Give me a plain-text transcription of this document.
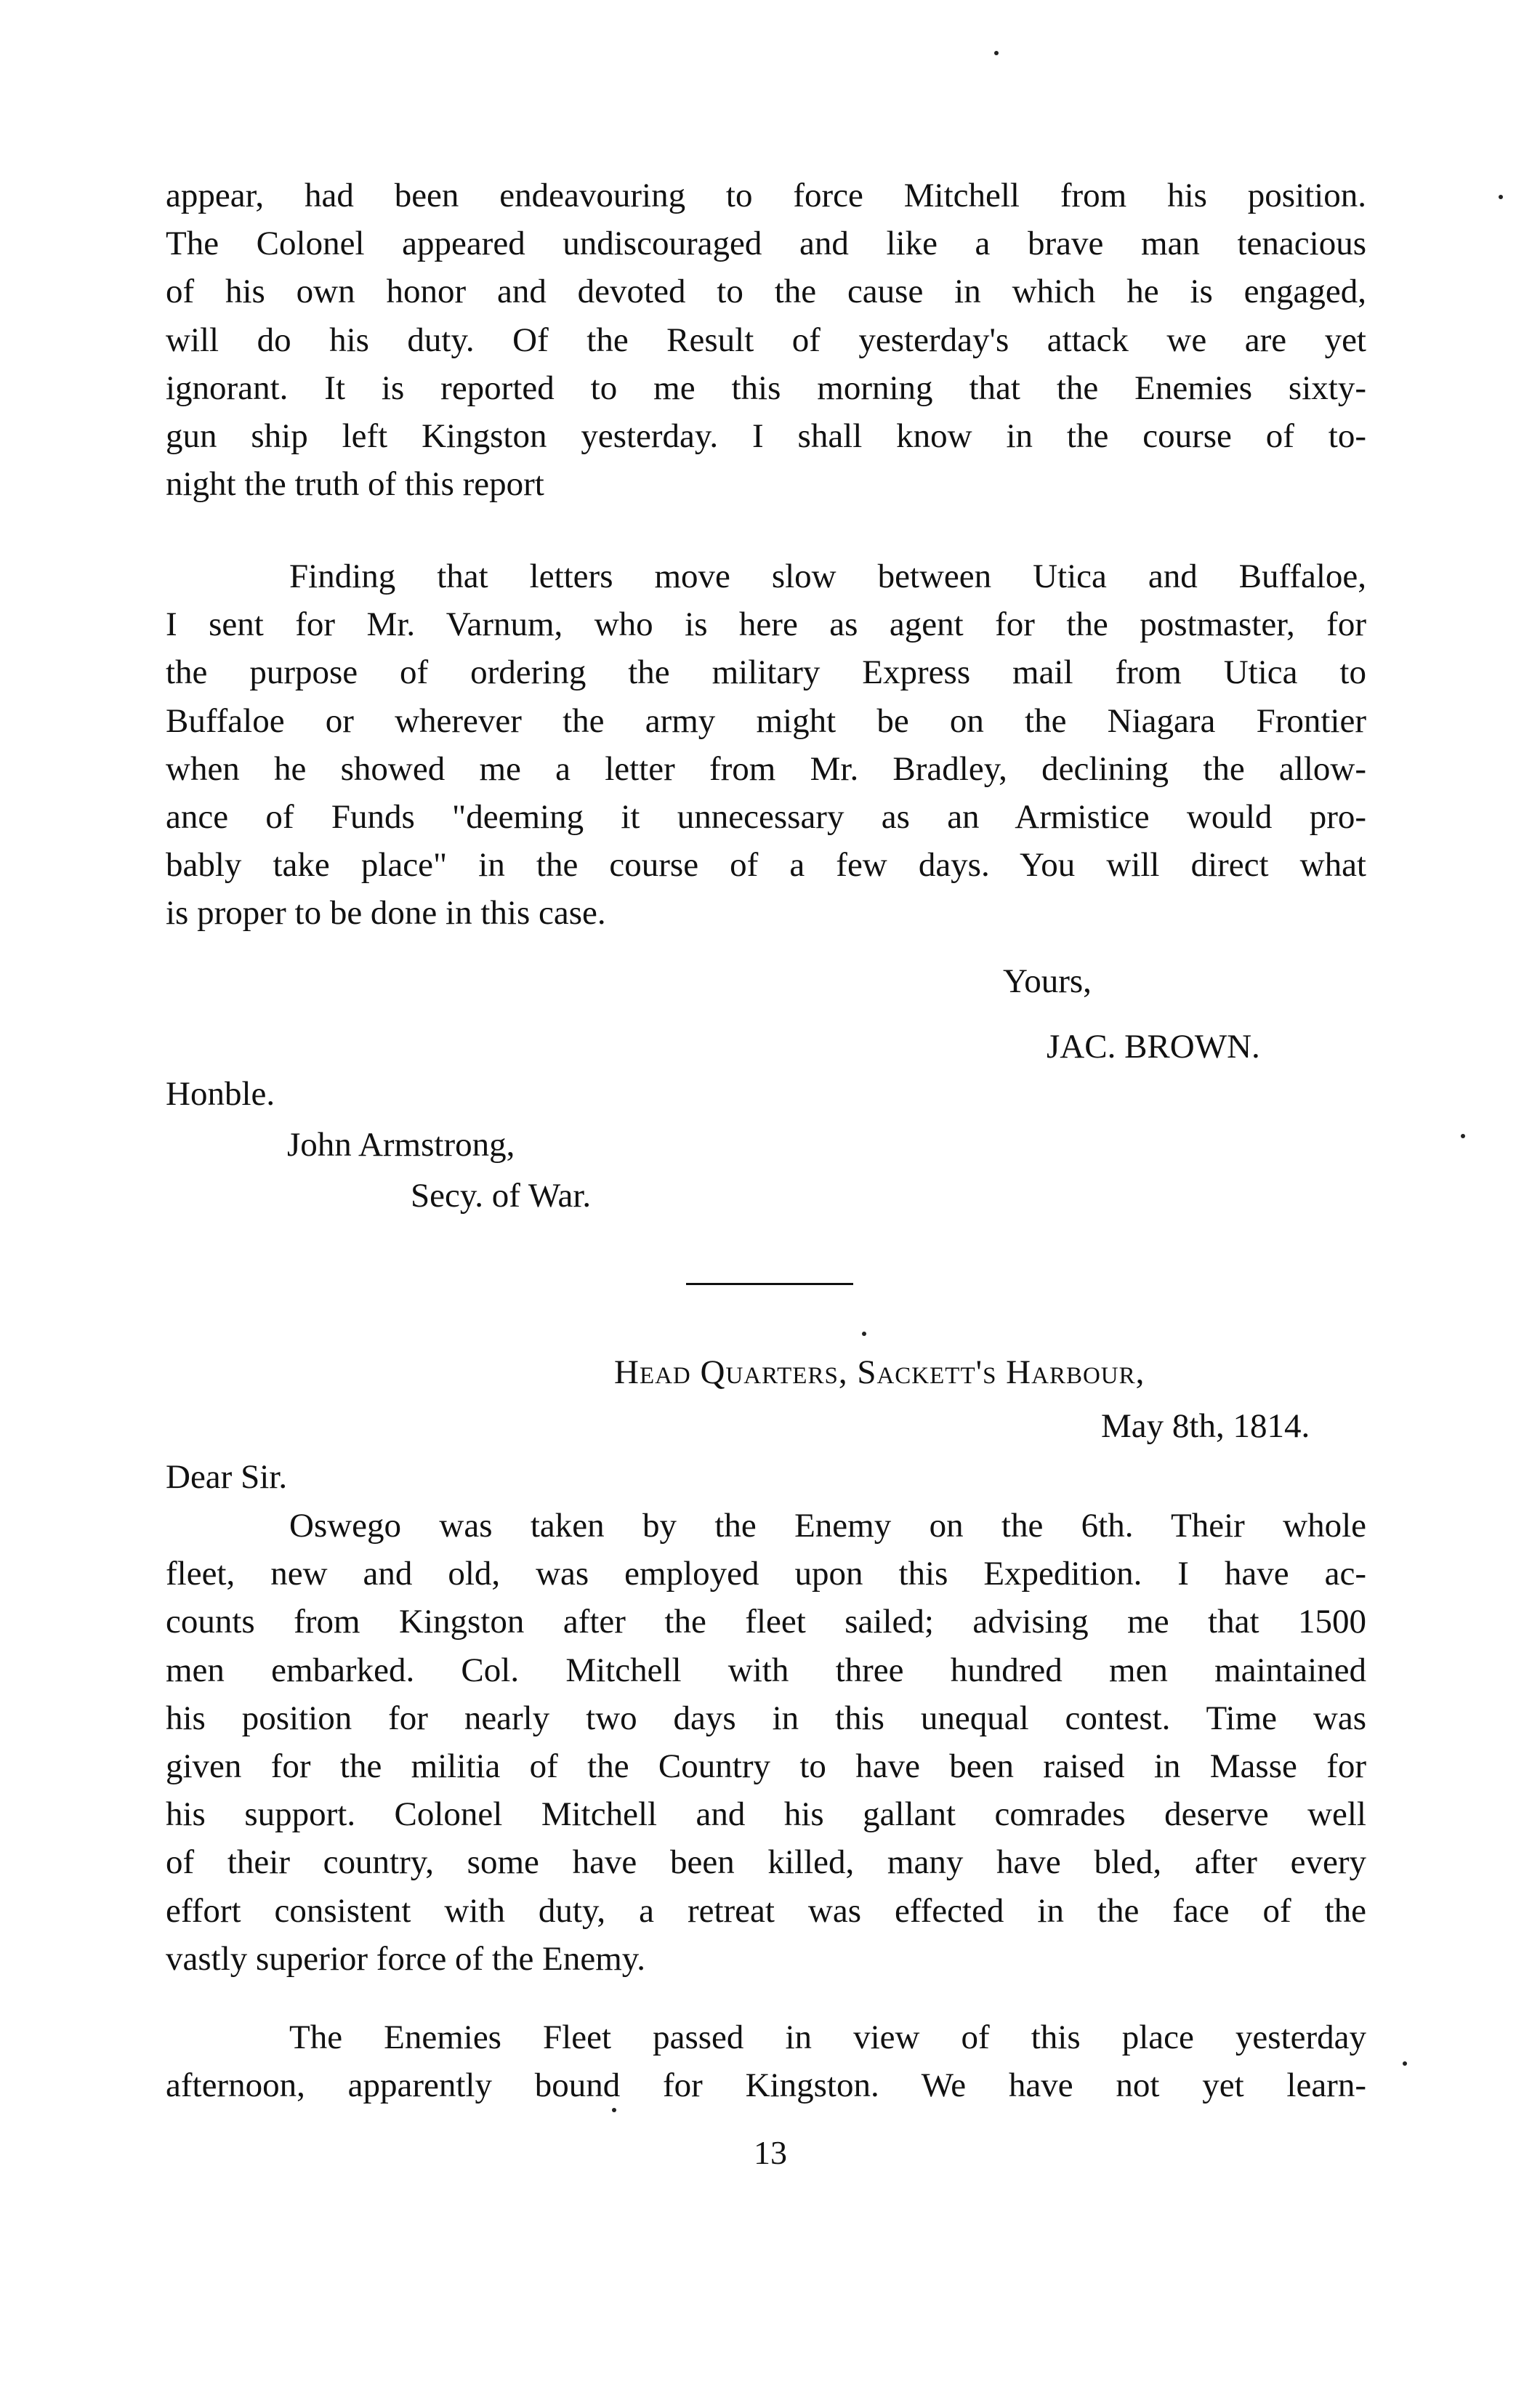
appear, had been endeavouring to force Mitchell from his position.
The Colonel appeared undiscouraged and like a brave man tenacious
of his own honor and devoted to the cause in which he is engaged,
will do his duty. Of the Result of yesterday's attack we are yet
ignorant. It is reported to me this morning that the Enemies sixty-
gun ship left Kingston yesterday. I shall know in the course of to-
night the truth of this report
Finding that letters move slow between Utica and Buffaloe,
I sent for Mr. Varnum, who is here as agent for the postmaster, for
the purpose of ordering the military Express mail from Utica to
Buffaloe or wherever the army might be on the Niagara Frontier
when he showed me a letter from Mr. Bradley, declining the allow-
ance of Funds "deeming it unnecessary as an Armistice would pro-
bably take place" in the course of a few days. You will direct what
is proper to be done in this case.
Yours,
JAC. BROWN.
Honble.
John Armstrong,
Secy. of War.
Head Quarters, Sackett's Harbour,
May 8th, 1814.
Dear Sir.
Oswego was taken by the Enemy on the 6th. Their whole
fleet, new and old, was employed upon this Expedition. I have ac-
counts from Kingston after the fleet sailed; advising me that 1500
men embarked. Col. Mitchell with three hundred men maintained
his position for nearly two days in this unequal contest. Time was
given for the militia of the Country to have been raised in Masse for
his support. Colonel Mitchell and his gallant comrades deserve well
of their country, some have been killed, many have bled, after every
effort consistent with duty, a retreat was effected in the face of the
vastly superior force of the Enemy.
The Enemies Fleet passed in view of this place yesterday
afternoon, apparently bound for Kingston. We have not yet learn-
13
